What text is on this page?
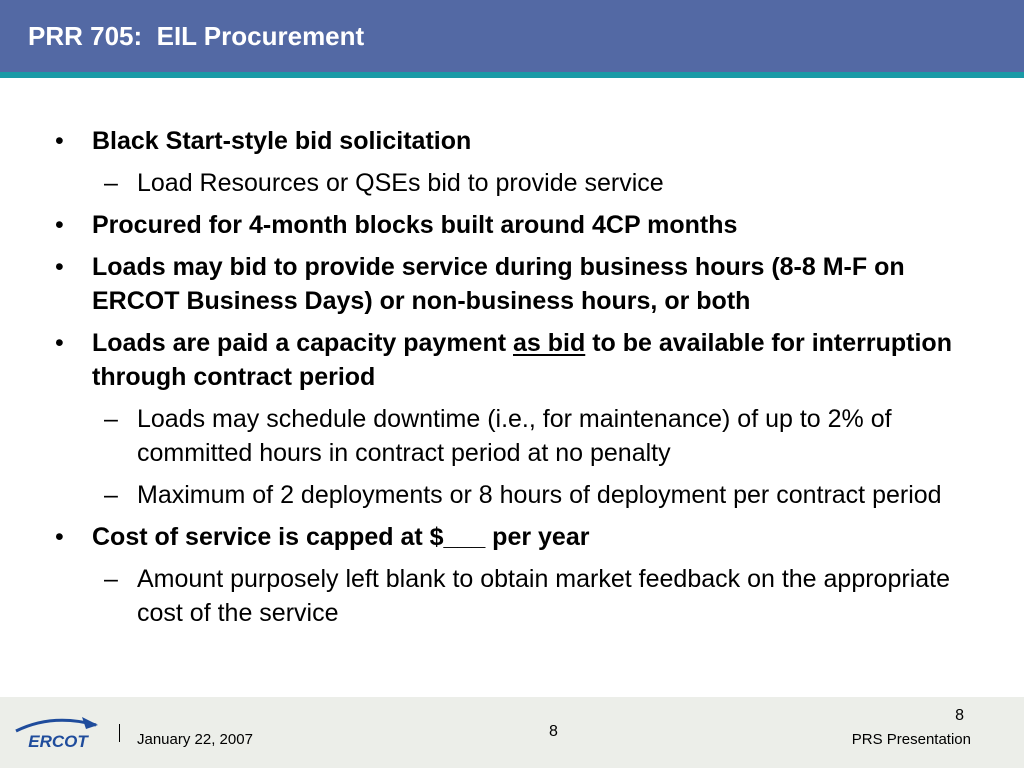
PRR 705:  EIL Procurement
• Black Start-style bid solicitation
– Load Resources or QSEs bid to provide service
• Procured for 4-month blocks built around 4CP months
• Loads may bid to provide service during business hours (8-8 M-F on ERCOT Business Days) or non-business hours, or both
• Loads are paid a capacity payment as bid to be available for interruption through contract period
– Loads may schedule downtime (i.e., for maintenance) of up to 2% of committed hours in contract period at no penalty
– Maximum of 2 deployments or 8 hours of deployment per contract period
• Cost of service is capped at $___ per year
– Amount purposely left blank to obtain market feedback on the appropriate cost of the service
ERCOT	January 22, 2007	8
8
PRS Presentation
